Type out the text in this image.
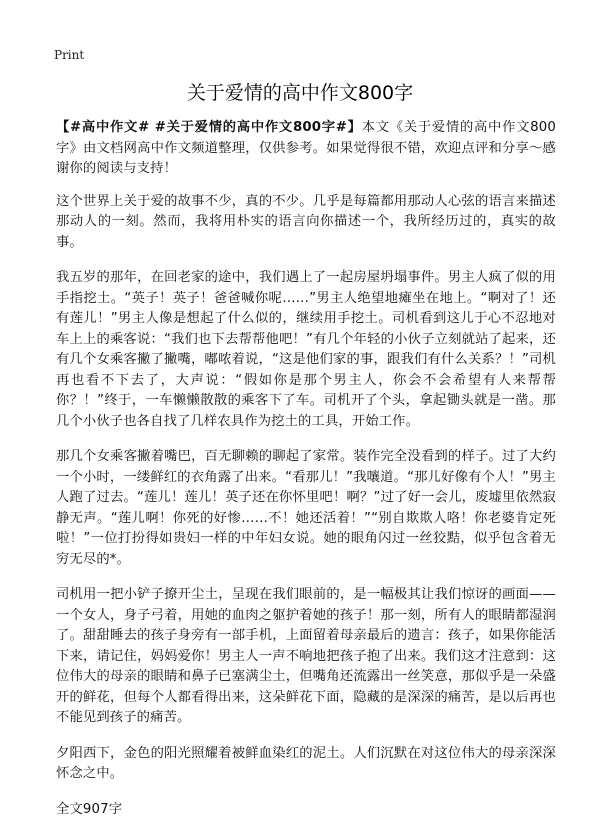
Print
关于爱情的高中作文800字

【#高中作文# #关于爱情的高中作文800字#】本文《关于爱情的高中作文800字》由文档网高中作文频道整理，仅供参考。如果觉得很不错，欢迎点评和分享～感谢你的阅读与支持！

这个世界上关于爱的故事不少，真的不少。几乎是每篇都用那动人心弦的语言来描述那动人的一刻。然而，我将用朴实的语言向你描述一个，我所经历过的，真实的故事。

我五岁的那年，在回老家的途中，我们遇上了一起房屋坍塌事件。男主人疯了似的用手指挖土。“英子！英子！爸爸喊你呢……”男主人绝望地瘫坐在地上。“啊对了！还有莲儿！”男主人像是想起了什么似的，继续用手挖土。司机看到这儿于心不忍地对车上上的乘客说：“我们也下去帮帮他吧！”有几个年轻的小伙子立刻就站了起来，还有几个女乘客撇了撇嘴，嘟哝着说，“这是他们家的事，跟我们有什么关系？！”司机再也看不下去了，大声说：“假如你是那个男主人，你会不会希望有人来帮帮你？！”终于，一车懒懒散散的乘客下了车。司机开了个头，拿起锄头就是一凿。那几个小伙子也各自找了几样农具作为挖土的工具，开始工作。

那几个女乘客撇着嘴巴，百无聊赖的聊起了家常。装作完全没看到的样子。过了大约一个小时，一缕鲜红的衣角露了出来。“看那儿！”我嚷道。“那儿好像有个人！”男主人跑了过去。“莲儿！莲儿！英子还在你怀里吧！啊？”过了好一会儿，废墟里依然寂静无声。“莲儿啊！你死的好惨……不！她还活着！”“别自欺欺人咯！你老婆肯定死啦！”一位打扮得如贵妇一样的中年妇女说。她的眼角闪过一丝狡黠，似乎包含着无穷无尽的*。

司机用一把小铲子撩开尘土，呈现在我们眼前的，是一幅极其让我们惊讶的画面——一个女人，身子弓着，用她的血肉之躯护着她的孩子！那一刻，所有人的眼睛都湿润了。甜甜睡去的孩子身旁有一部手机，上面留着母亲最后的遗言：孩子，如果你能活下来，请记住，妈妈爱你！男主人一声不响地把孩子抱了出来。我们这才注意到：这位伟大的母亲的眼睛和鼻子已塞满尘土，但嘴角还流露出一丝笑意，那似乎是一朵盛开的鲜花，但每个人都看得出来，这朵鲜花下面，隐藏的是深深的痛苦，是以后再也不能见到孩子的痛苦。

夕阳西下，金色的阳光照耀着被鲜血染红的泥土。人们沉默在对这位伟大的母亲深深怀念之中。

全文907字
